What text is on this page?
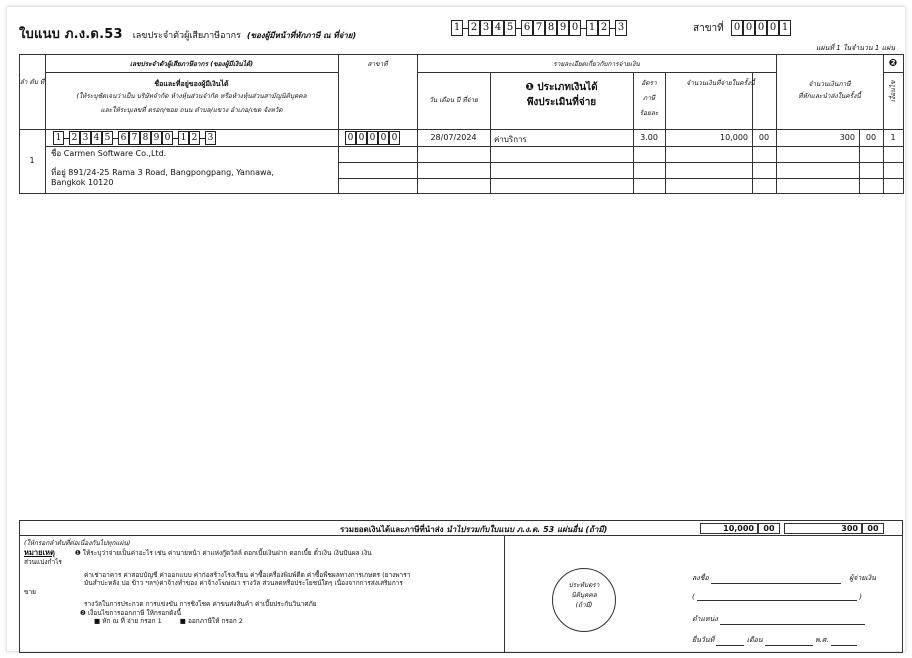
ใบแนบ ภ.ง.ด.53 เลขประจำตัวผู้เสียภาษีอากร (ของผู้มีหน้าที่หักภาษี ณ ที่จ่าย)
1 2 3 4 5 6 7 8 9 0 1 2 3	สาขาที่ 0 0 0 0 1
แผ่นที่ 1 ในจำนวน 1 แผ่น
ลำ ดับ ที่
เลขประจำตัวผู้เสียภาษีอากร (ของผู้มีเงินได้)
ชื่อและที่อยู่ของผู้มีเงินได้
(ให้ระบุชัดเจนว่าเป็น บริษัทจำกัด ห้างหุ้นส่วนจำกัด หรือห้างหุ้นส่วนสามัญนิติบุคคล
และให้ระบุเลขที่ ตรอก/ซอย ถนน ตำบล/แขวง อำเภอ/เขต จังหวัด
สาขาที่	รายละเอียดเกี่ยวกับการจ่ายเงิน
วัน เดือน ปี ที่จ่าย
❶ ประเภทเงินได้
พึงประเมินที่จ่าย
อัตรา
ภาษี
ร้อยละ
จำนวนเงินที่จ่ายในครั้งนี้	จำนวนเงินภาษี
ที่หักและนำส่งในครั้งนี้
❷
เงื่อนไข
1
1 2 3 4 5 6 7 8 9 0 1 2 3
ชื่อ Carmen Software Co.,Ltd.
ที่อยู่ 891/24-25 Rama 3 Road, Bangpongpang, Yannawa,
Bangkok 10120
0 0 0 0 0	28/07/2024	ค่าบริการ	3.00	10,000	00	300	00	1
รวมยอดเงินได้และภาษีที่นำส่ง นำไปรวมกับใบแนบ ภ.ง.ด. 53 แผ่นอื่น (ถ้ามี)	10,000	00	300	00
(ให้กรอกลำดับที่ต่อเนื่องกันไปทุกแผ่น)
หมายเหตุ	❶ ให้ระบุว่าจ่ายเป็นค่าอะไร เช่น ค่านายหน้า ค่าแห่งกู๊ดวิลล์ ดอกเบี้ยเงินฝาก ดอกเบี้ย ตั๋วเงิน เงินปันผล เงิน
ส่วนแบ่งกำไร
ค่าเช่าอาคาร ค่าสอบบัญชี ค่าออกแบบ ค่าก่อสร้างโรงเรียน ค่าซื้อเครื่องพิมพ์ดีด ค่าซื้อพืชผลทางการเกษตร (ยางพารา
มันสำปะหลัง ปอ ข้าว ฯลฯ)ค่าจ้างทำของ ค่าจ้างโฆษณา รางวัล ส่วนลดหรือประโยชน์ใดๆ เนื่องจากการส่งเสริมการ
ขาย
รางวัลในการประกวด การแข่งขัน การชิงโชค ค่าขนส่งสินค้า ค่าเบี้ยประกันวินาศภัย
❷ เงื่อนไขการออกภาษี ให้กรอกดังนี้
■ หัก ณ ที่ จ่าย กรอก 1	■ ออกภาษีให้ กรอก 2
ประทับตรา
นิติบุคคล
(ถ้ามี)
ลงชื่อ	ผู้จ่ายเงิน
(	)
ตำแหน่ง
ยื่นวันที่	เดือน	พ.ศ.
